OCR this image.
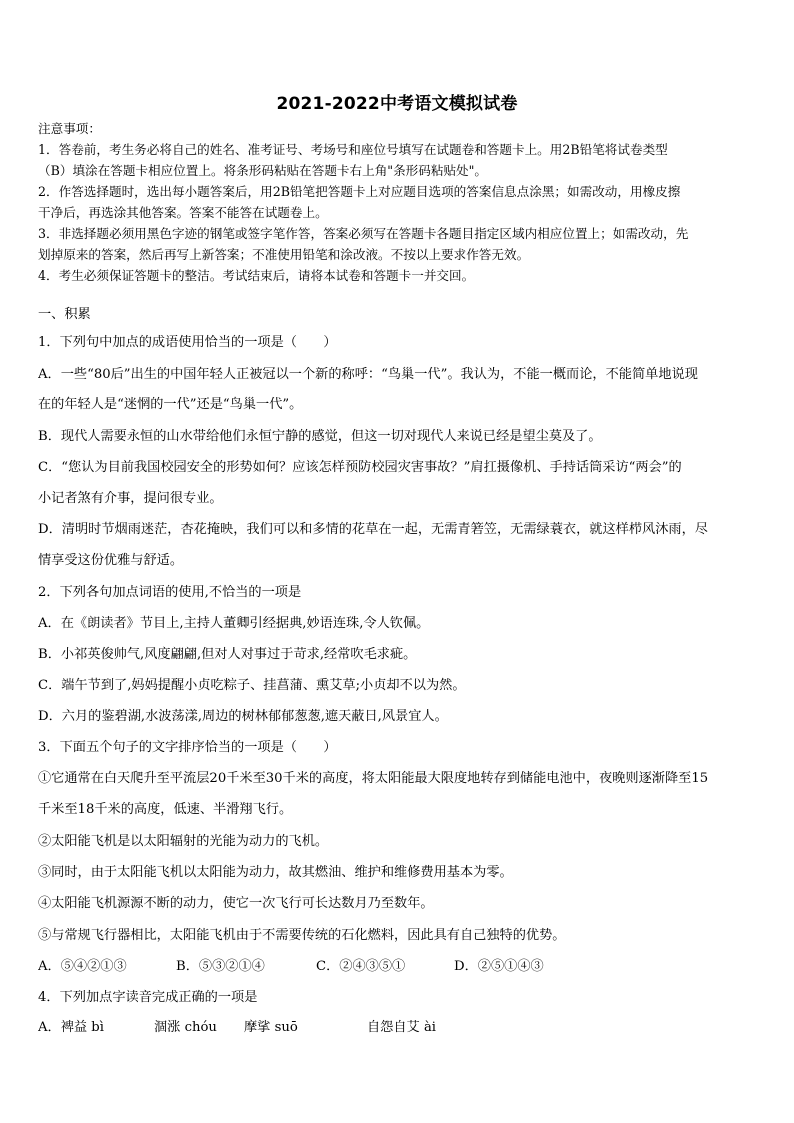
2021-2022中考语文模拟试卷
注意事项：
1．答卷前，考生务必将自己的姓名、准考证号、考场号和座位号填写在试题卷和答题卡上。用2B铅笔将试卷类型
（B）填涂在答题卡相应位置上。将条形码粘贴在答题卡右上角"条形码粘贴处"。
2．作答选择题时，选出每小题答案后，用2B铅笔把答题卡上对应题目选项的答案信息点涂黑；如需改动，用橡皮擦
干净后，再选涂其他答案。答案不能答在试题卷上。
3．非选择题必须用黑色字迹的钢笔或签字笔作答，答案必须写在答题卡各题目指定区域内相应位置上；如需改动，先
划掉原来的答案，然后再写上新答案；不准使用铅笔和涂改液。不按以上要求作答无效。
4．考生必须保证答题卡的整洁。考试结束后，请将本试卷和答题卡一并交回。
一、积累
1．下列句中加点的成语使用恰当的一项是（　　）
A．一些“80后”出生的中国年轻人正被冠以一个新的称呼：“鸟巢一代”。我认为，不能一概而论，不能简单地说现
在的年轻人是“迷惘的一代”还是“鸟巢一代”。
B．现代人需要永恒的山水带给他们永恒宁静的感觉，但这一切对现代人来说已经是望尘莫及了。
C．“您认为目前我国校园安全的形势如何？应该怎样预防校园灾害事故？”肩扛摄像机、手持话筒采访“两会”的
小记者煞有介事，提问很专业。
D．清明时节烟雨迷茫，杏花掩映，我们可以和多情的花草在一起，无需青箬笠，无需绿蓑衣，就这样栉风沐雨，尽
情享受这份优雅与舒适。
2．下列各句加点词语的使用,不恰当的一项是
A．在《朗读者》节目上,主持人董卿引经据典,妙语连珠,令人钦佩。
B．小祁英俊帅气,风度翩翩,但对人对事过于苛求,经常吹毛求疵。
C．端午节到了,妈妈提醒小贞吃粽子、挂菖蒲、熏艾草;小贞却不以为然。
D．六月的鉴碧湖,水波荡漾,周边的树林郁郁葱葱,遮天蔽日,风景宜人。
3．下面五个句子的文字排序恰当的一项是（　　）
①它通常在白天爬升至平流层20千米至30千米的高度，将太阳能最大限度地转存到储能电池中，夜晚则逐渐降至15
千米至18千米的高度，低速、半滑翔飞行。
②太阳能飞机是以太阳辐射的光能为动力的飞机。
③同时，由于太阳能飞机以太阳能为动力，故其燃油、维护和维修费用基本为零。
④太阳能飞机源源不断的动力，使它一次飞行可长达数月乃至数年。
⑤与常规飞行器相比，太阳能飞机由于不需要传统的石化燃料，因此具有自己独特的优势。
A．⑤④②①③	B．⑤③②①④	C．②④③⑤①	D．②⑤①④③
4．下列加点字读音完成正确的一项是
A．裨益 bì	涸涨 chóu	摩挲 suō	自怨自艾 ài
